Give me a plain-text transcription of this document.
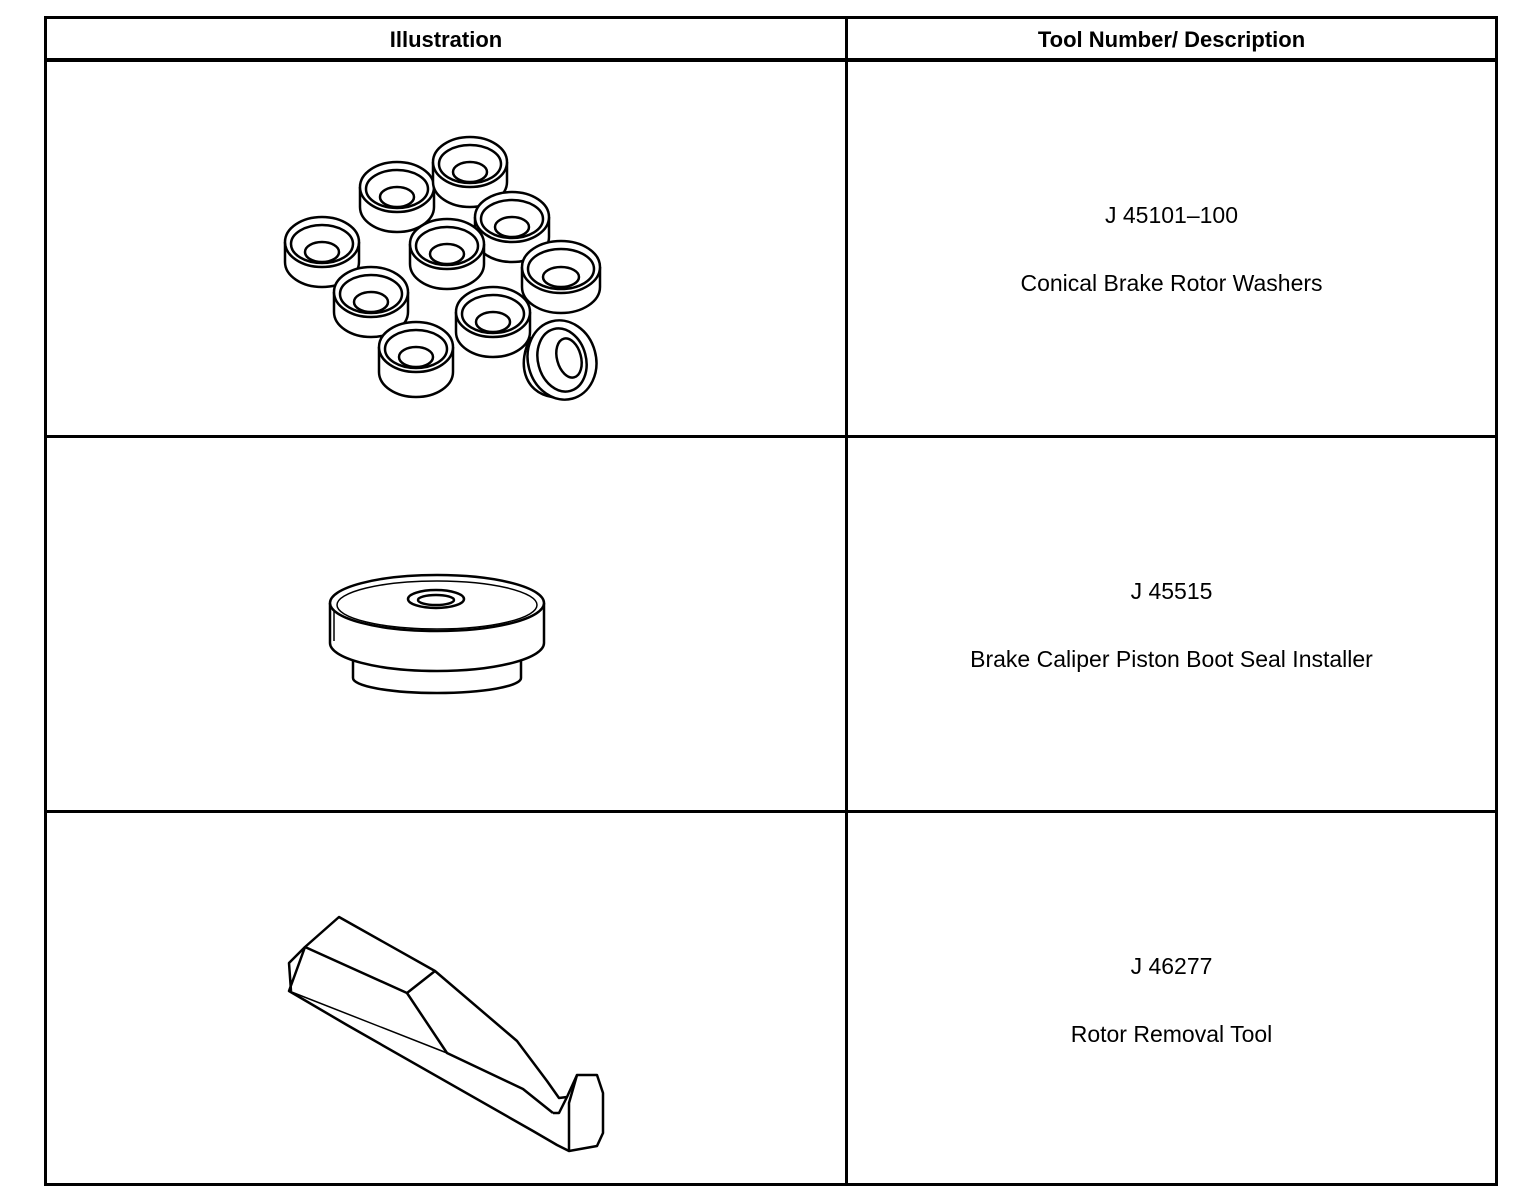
Illustration	Tool Number/ Description
J 45101–100
Conical Brake Rotor Washers
J 45515
Brake Caliper Piston Boot Seal Installer
J 46277
Rotor Removal Tool
